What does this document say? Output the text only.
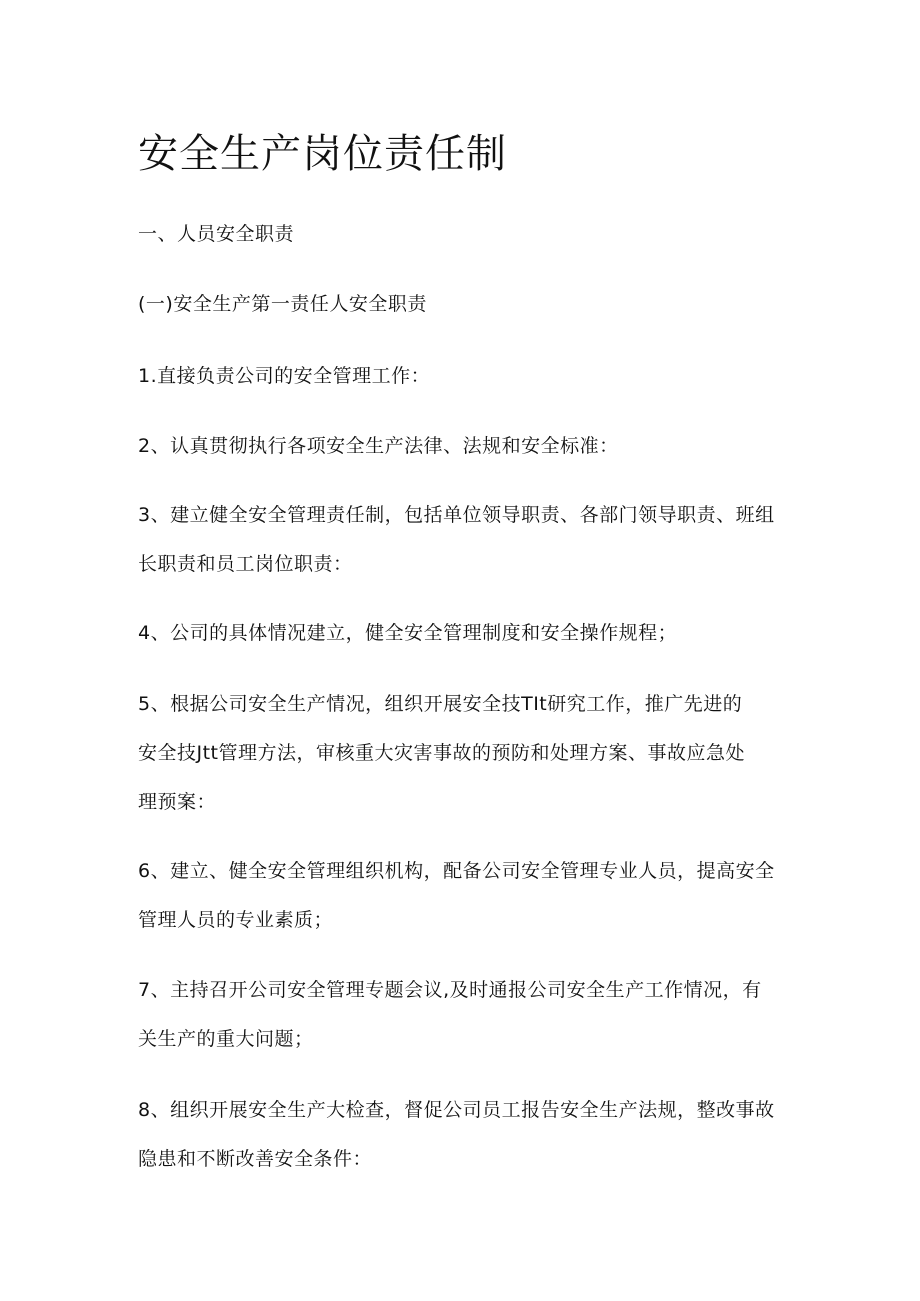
安全生产岗位责任制

一、人员安全职责

(一)安全生产第一责任人安全职责

1.直接负责公司的安全管理工作：

2、认真贯彻执行各项安全生产法律、法规和安全标准：

3、建立健全安全管理责任制，包括单位领导职责、各部门领导职责、班组
长职责和员工岗位职责：

4、公司的具体情况建立，健全安全管理制度和安全操作规程；

5、根据公司安全生产情况，组织开展安全技TIt研究工作，推广先进的
安全技Jtt管理方法，审核重大灾害事故的预防和处理方案、事故应急处
理预案：

6、建立、健全安全管理组织机构，配备公司安全管理专业人员，提高安全
管理人员的专业素质；

7、主持召开公司安全管理专题会议,及时通报公司安全生产工作情况，有
关生产的重大问题；

8、组织开展安全生产大检查，督促公司员工报告安全生产法规，整改事故
隐患和不断改善安全条件：
